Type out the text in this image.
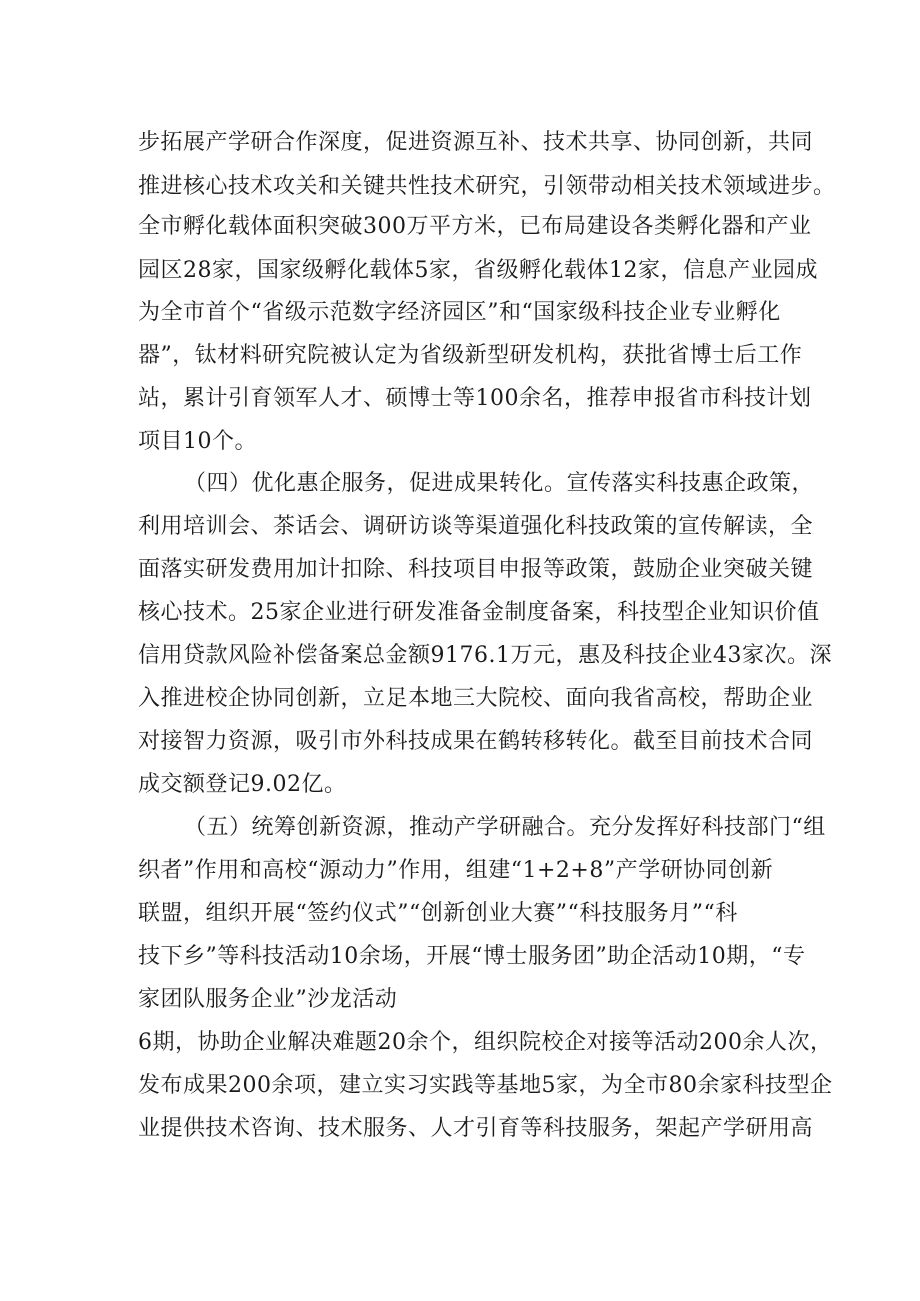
步拓展产学研合作深度，促进资源互补、技术共享、协同创新，共同
推进核心技术攻关和关键共性技术研究，引领带动相关技术领域进步。
全市孵化载体面积突破300万平方米，已布局建设各类孵化器和产业
园区28家，国家级孵化载体5家，省级孵化载体12家，信息产业园成
为全市首个“省级示范数字经济园区”和“国家级科技企业专业孵化
器”，钛材料研究院被认定为省级新型研发机构，获批省博士后工作
站，累计引育领军人才、硕博士等100余名，推荐申报省市科技计划
项目10个。
（四）优化惠企服务，促进成果转化。宣传落实科技惠企政策，
利用培训会、茶话会、调研访谈等渠道强化科技政策的宣传解读，全
面落实研发费用加计扣除、科技项目申报等政策，鼓励企业突破关键
核心技术。25家企业进行研发准备金制度备案，科技型企业知识价值
信用贷款风险补偿备案总金额9176.1万元，惠及科技企业43家次。深
入推进校企协同创新，立足本地三大院校、面向我省高校，帮助企业
对接智力资源，吸引市外科技成果在鹤转移转化。截至目前技术合同
成交额登记9.02亿。
（五）统筹创新资源，推动产学研融合。充分发挥好科技部门“组
织者”作用和高校“源动力”作用，组建“1+2+8”产学研协同创新
联盟，组织开展“签约仪式”“创新创业大赛”“科技服务月”“科
技下乡”等科技活动10余场，开展“博士服务团”助企活动10期，“专
家团队服务企业”沙龙活动
6期，协助企业解决难题20余个，组织院校企对接等活动200余人次，
发布成果200余项，建立实习实践等基地5家，为全市80余家科技型企
业提供技术咨询、技术服务、人才引育等科技服务，架起产学研用高
